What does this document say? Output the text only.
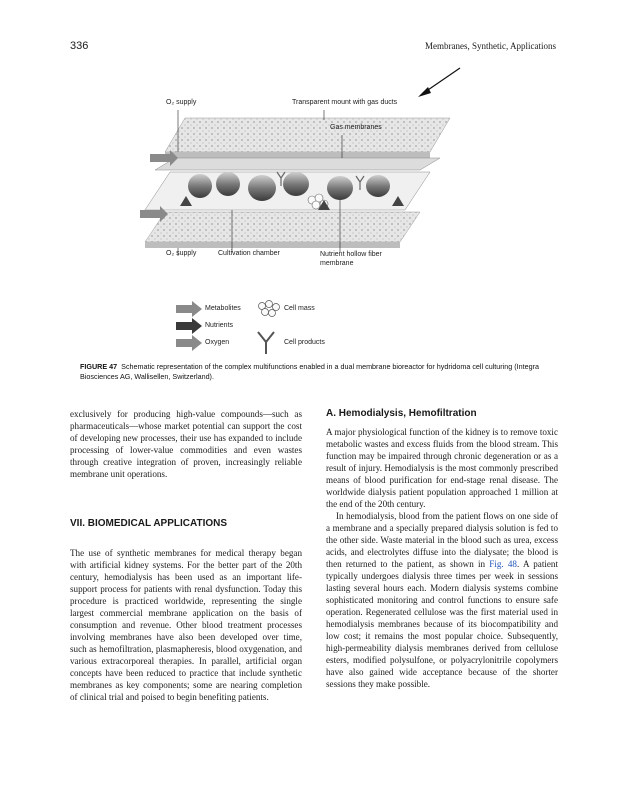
336	Membranes, Synthetic, Applications
O₂ supply	Transparent mount with gas ducts
Gas membranes
O₂ supply	Cultivation chamber	Nutrient hollow fiber membrane
Metabolites
Nutrients
Oxygen
Cell mass
Cell products
FIGURE 47 Schematic representation of the complex multifunctions enabled in a dual membrane bioreactor for hydridoma cell culturing (Integra Biosciences AG, Wallisellen, Switzerland).

exclusively for producing high-value compounds—such as pharmaceuticals—whose market potential can support the cost of developing new processes, their use has expanded to include processing of lower-value commodities and even wastes through creative integration of proven, increasingly reliable membrane unit operations.

VII. BIOMEDICAL APPLICATIONS

The use of synthetic membranes for medical therapy began with artificial kidney systems. For the better part of the 20th century, hemodialysis has been used as an important life-support process for patients with renal dysfunction. Today this procedure is practiced worldwide, representing the single largest commercial membrane application on the basis of consumption and revenue. Other blood treatment processes involving membranes have also been developed over time, such as hemofiltration, plasmapheresis, blood oxygenation, and various extracorporeal therapies. In parallel, artificial organ concepts have been reduced to practice that include synthetic membranes as key components; some are nearing completion of clinical trial and poised to begin benefiting patients.

A. Hemodialysis, Hemofiltration

A major physiological function of the kidney is to remove toxic metabolic wastes and excess fluids from the blood stream. This function may be impaired through chronic degeneration or as a result of injury. Hemodialysis is the most commonly prescribed means of blood purification for end-stage renal disease. The worldwide dialysis patient population approached 1 million at the end of the 20th century.

In hemodialysis, blood from the patient flows on one side of a membrane and a specially prepared dialysis solution is fed to the other side. Waste material in the blood such as urea, excess acids, and electrolytes diffuse into the dialysate; the blood is then returned to the patient, as shown in Fig. 48. A patient typically undergoes dialysis three times per week in sessions lasting several hours each. Modern dialysis systems combine sophisticated monitoring and control functions to ensure safe operation. Regenerated cellulose was the first material used in hemodialysis membranes because of its biocompatibility and low cost; it remains the most popular choice. Subsequently, high-permeability dialysis membranes derived from cellulose esters, modified polysulfone, or polyacrylonitrile copolymers have also gained wide acceptance because of the shorter sessions they make possible.
